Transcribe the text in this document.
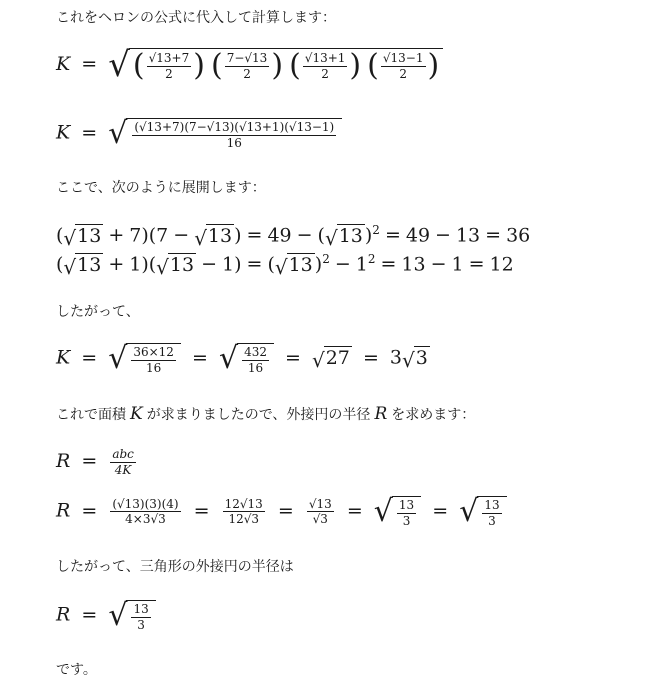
これをヘロンの公式に代入して計算します：
K = √ ( $\frac{√13+7}{2}$ ) ( $\frac{7-√13}{2}$ ) ( $\frac{√13+1}{2}$ ) ( $\frac{√13-1}{2}$ )
K = √ $\frac{(√13+7)(7-√13)(√13+1)(√13-1)}{16}$
ここで、次のように展開します：
( √ 13 + 7)(7 − √ 13 ) = 49 − ( √ 13 )$^2$ = 49 − 13 = 36
( √ 13 + 1)( √ 13 − 1) = ( √ 13 )$^2 - 1^2 = 13 - 1 = 12$
したがって、
K = √ $\frac{36\times 12}{16}$ = √ $\frac{432}{16}$ = √ 27 = 3 √ 3
これで面積 K が求まりましたので、外接円の半径 R を求めます：
$R = \frac{\text{abc}}{4K}$
$R = \frac{(√13)(3)(4)}{4\times 3√3} = \frac{12√13}{12√3} = \frac{√13}{√3}$ = √ $\frac{13}{3}$ = √ $\frac{13}{3}$
したがって、三角形の外接円の半径は
R = √ $\frac{13}{3}$
です。
